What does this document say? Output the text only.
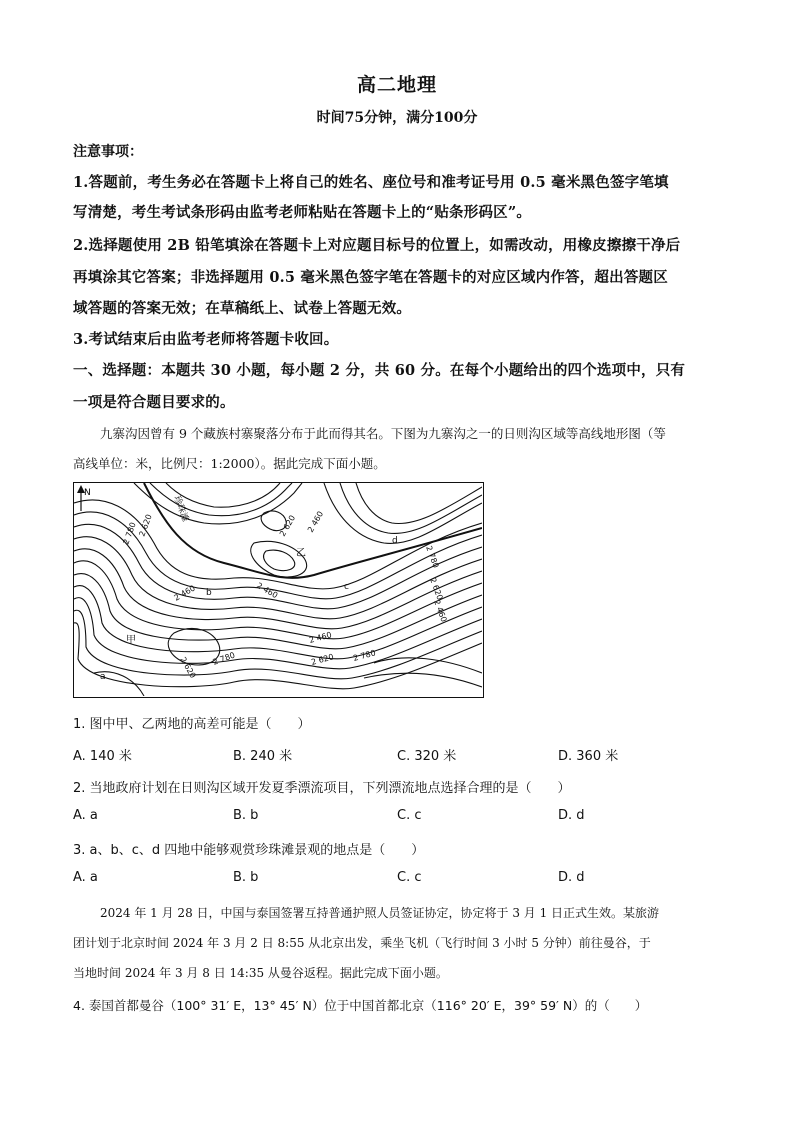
高二地理
时间75分钟，满分100分
注意事项：
1.答题前，考生务必在答题卡上将自己的姓名、座位号和准考证号用 0.5 毫米黑色签字笔填
写清楚，考生考试条形码由监考老师粘贴在答题卡上的“贴条形码区”。
2.选择题使用 2B 铅笔填涂在答题卡上对应题目标号的位置上，如需改动，用橡皮擦擦干净后
再填涂其它答案；非选择题用 0.5 毫米黑色签字笔在答题卡的对应区域内作答，超出答题区
域答题的答案无效；在草稿纸上、试卷上答题无效。
3.考试结束后由监考老师将答题卡收回。
一、选择题：本题共 30 小题，每小题 2 分，共 60 分。在每个小题给出的四个选项中，只有
一项是符合题目要求的。
九寨沟因曾有 9 个藏族村寨聚落分布于此而得其名。下图为九寨沟之一的日则沟区域等高线地形图（等
高线单位：米，比例尺：1:2000）。据此完成下面小题。
N
珍珠滩
甲
乙
a
b
c
d
2 780 2 620
2 460
2 620 2 460
2 460
2 620 2 780
2 460
2 620 2 780
2 780
2 620
2 460
1. 图中甲、乙两地的高差可能是（　　）
A. 140 米	B. 240 米	C. 320 米	D. 360 米
2. 当地政府计划在日则沟区域开发夏季漂流项目，下列漂流地点选择合理的是（　　）
A. a	B. b	C. c	D. d
3. a、b、c、d 四地中能够观赏珍珠滩景观的地点是（　　）
A. a	B. b	C. c	D. d
2024 年 1 月 28 日，中国与泰国签署互持普通护照人员签证协定，协定将于 3 月 1 日正式生效。某旅游
团计划于北京时间 2024 年 3 月 2 日 8:55 从北京出发，乘坐飞机（飞行时间 3 小时 5 分钟）前往曼谷，于
当地时间 2024 年 3 月 8 日 14:35 从曼谷返程。据此完成下面小题。
4. 泰国首都曼谷（100° 31′ E，13° 45′ N）位于中国首都北京（116° 20′ E，39° 59′ N）的（　　）
